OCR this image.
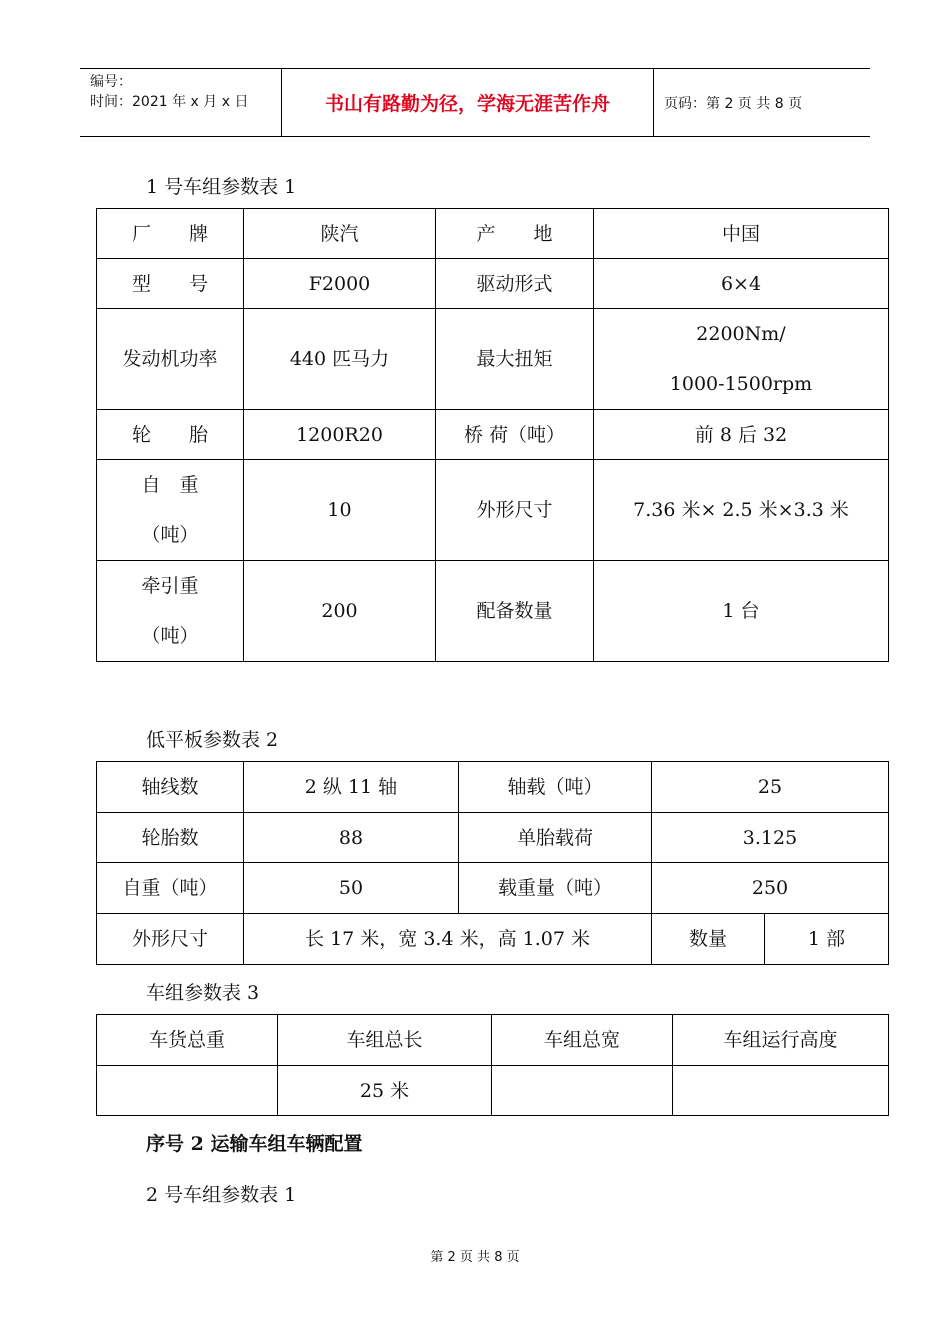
编号：
时间：2021 年 x 月 x 日	书山有路勤为径，学海无涯苦作舟	页码：第 2 页 共 8 页
1 号车组参数表 1
厂　　牌	陕汽	产　　地	中国
型　　号	F2000	驱动形式	6×4
发动机功率	440 匹马力	最大扭矩	2200Nm/
1000-1500rpm

轮　　胎	1200R20	桥 荷（吨）	前 8 后 32

自　重
（吨）	10	外形尺寸	7.36 米× 2.5 米×3.3 米

牵引重
（吨）	200	配备数量	1 台
低平板参数表 2
轴线数	2 纵 11 轴	轴载（吨）	25	
轮胎数	88	单胎载荷	3.125	
自重（吨）	50	载重量（吨）	250	
外形尺寸	长 17 米，宽 3.4 米，高 1.07 米		数量	1 部
车组参数表 3
车货总重	车组总长	车组总宽	车组运行高度
	25 米		
序号 2 运输车组车辆配置
2 号车组参数表 1
第 2 页 共 8 页
